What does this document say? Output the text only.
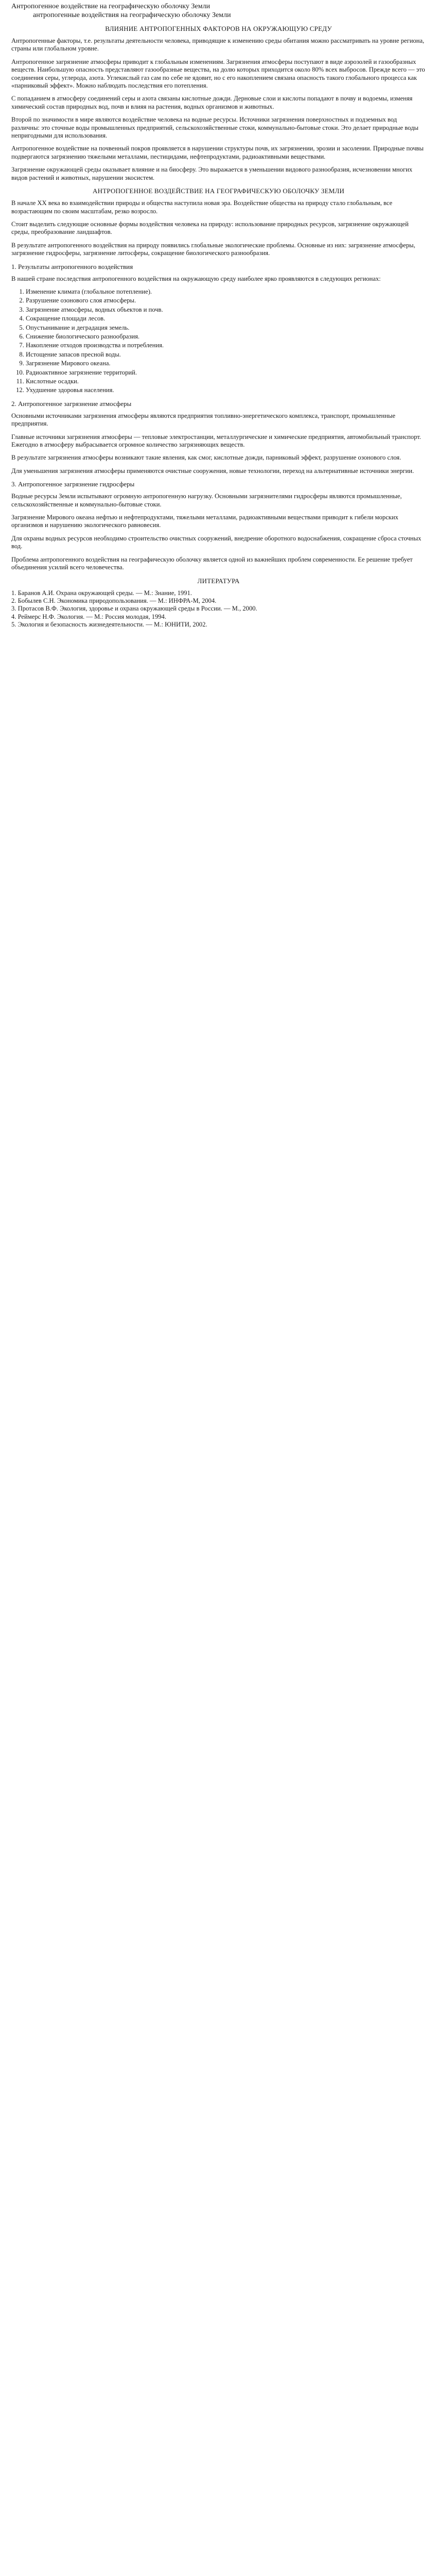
Антропогенное воздействие на географическую оболочку Земли

антропогенные воздействия на географическую оболочку Земли

ВЛИЯНИЕ АНТРОПОГЕННЫХ ФАКТОРОВ НА ОКРУЖАЮЩУЮ СРЕДУ

Антропогенные факторы, т.е. результаты деятельности человека, приводящие к изменению среды обитания можно рассматривать на уровне региона, страны или глобальном уровне.

Антропогенное загрязнение атмосферы приводит к глобальным изменениям. Загрязнения атмосферы поступают в виде аэрозолей и газообразных веществ. Наибольшую опасность представляют газообразные вещества, на долю которых приходится около 80% всех выбросов. Прежде всего — это соединения серы, углерода, азота. Углекислый газ сам по себе не ядовит, но с его накоплением связана опасность такого глобального процесса как «парниковый эффект». Можно наблюдать последствия его потепления.

С попаданием в атмосферу соединений серы и азота связаны кислотные дожди. Дерновые слои и кислоты попадают в почву и водоемы, изменяя химический состав природных вод, почв и влияя на растения, водных организмов и животных.

Второй по значимости в мире являются воздействие человека на водные ресурсы. Источники загрязнения поверхностных и подземных вод различны: это сточные воды промышленных предприятий, сельскохозяйственные стоки, коммунально-бытовые стоки. Это делает природные воды непригодными для использования.

Антропогенное воздействие на почвенный покров проявляется в нарушении структуры почв, их загрязнении, эрозии и засолении. Природные почвы подвергаются загрязнению тяжелыми металлами, пестицидами, нефтепродуктами, радиоактивными веществами.

Загрязнение окружающей среды оказывает влияние и на биосферу. Это выражается в уменьшении видового разнообразия, исчезновении многих видов растений и животных, нарушении экосистем.

АНТРОПОГЕННОЕ ВОЗДЕЙСТВИЕ НА ГЕОГРАФИЧЕСКУЮ ОБОЛОЧКУ ЗЕМЛИ

В начале XX века во взаимодействии природы и общества наступила новая эра. Воздействие общества на природу стало глобальным, все возрастающим по своим масштабам, резко возросло.

Стоит выделить следующие основные формы воздействия человека на природу: использование природных ресурсов, загрязнение окружающей среды, преобразование ландшафтов.

В результате антропогенного воздействия на природу появились глобальные экологические проблемы. Основные из них: загрязнение атмосферы, загрязнение гидросферы, загрязнение литосферы, сокращение биологического разнообразия.

1. Результаты антропогенного воздействия

В нашей стране последствия антропогенного воздействия на окружающую среду наиболее ярко проявляются в следующих регионах:

1. Изменение климата (глобальное потепление).
2. Разрушение озонового слоя атмосферы.
3. Загрязнение атмосферы, водных объектов и почв.
4. Сокращение площади лесов.
5. Опустынивание и деградация земель.
6. Снижение биологического разнообразия.
7. Накопление отходов производства и потребления.
8. Истощение запасов пресной воды.
9. Загрязнение Мирового океана.
10. Радиоактивное загрязнение территорий.
11. Кислотные осадки.
12. Ухудшение здоровья населения.
2. Антропогенное загрязнение атмосферы

Основными источниками загрязнения атмосферы являются предприятия топливно-энергетического комплекса, транспорт, промышленные предприятия.

Главные источники загрязнения атмосферы — тепловые электростанции, металлургические и химические предприятия, автомобильный транспорт. Ежегодно в атмосферу выбрасывается огромное количество загрязняющих веществ.

В результате загрязнения атмосферы возникают такие явления, как смог, кислотные дожди, парниковый эффект, разрушение озонового слоя.

Для уменьшения загрязнения атмосферы применяются очистные сооружения, новые технологии, переход на альтернативные источники энергии.

3. Антропогенное загрязнение гидросферы

Водные ресурсы Земли испытывают огромную антропогенную нагрузку. Основными загрязнителями гидросферы являются промышленные, сельскохозяйственные и коммунально-бытовые стоки.

Загрязнение Мирового океана нефтью и нефтепродуктами, тяжелыми металлами, радиоактивными веществами приводит к гибели морских организмов и нарушению экологического равновесия.

Для охраны водных ресурсов необходимо строительство очистных сооружений, внедрение оборотного водоснабжения, сокращение сброса сточных вод.

Проблема антропогенного воздействия на географическую оболочку является одной из важнейших проблем современности. Ее решение требует объединения усилий всего человечества.

ЛИТЕРАТУРА
1. Баранов А.И. Охрана окружающей среды. — М.: Знание, 1991.
2. Бобылев С.Н. Экономика природопользования. — М.: ИНФРА-М, 2004.
3. Протасов В.Ф. Экология, здоровье и охрана окружающей среды в России. — М., 2000.
4. Реймерс Н.Ф. Экология. — М.: Россия молодая, 1994.
5. Экология и безопасность жизнедеятельности. — М.: ЮНИТИ, 2002.
